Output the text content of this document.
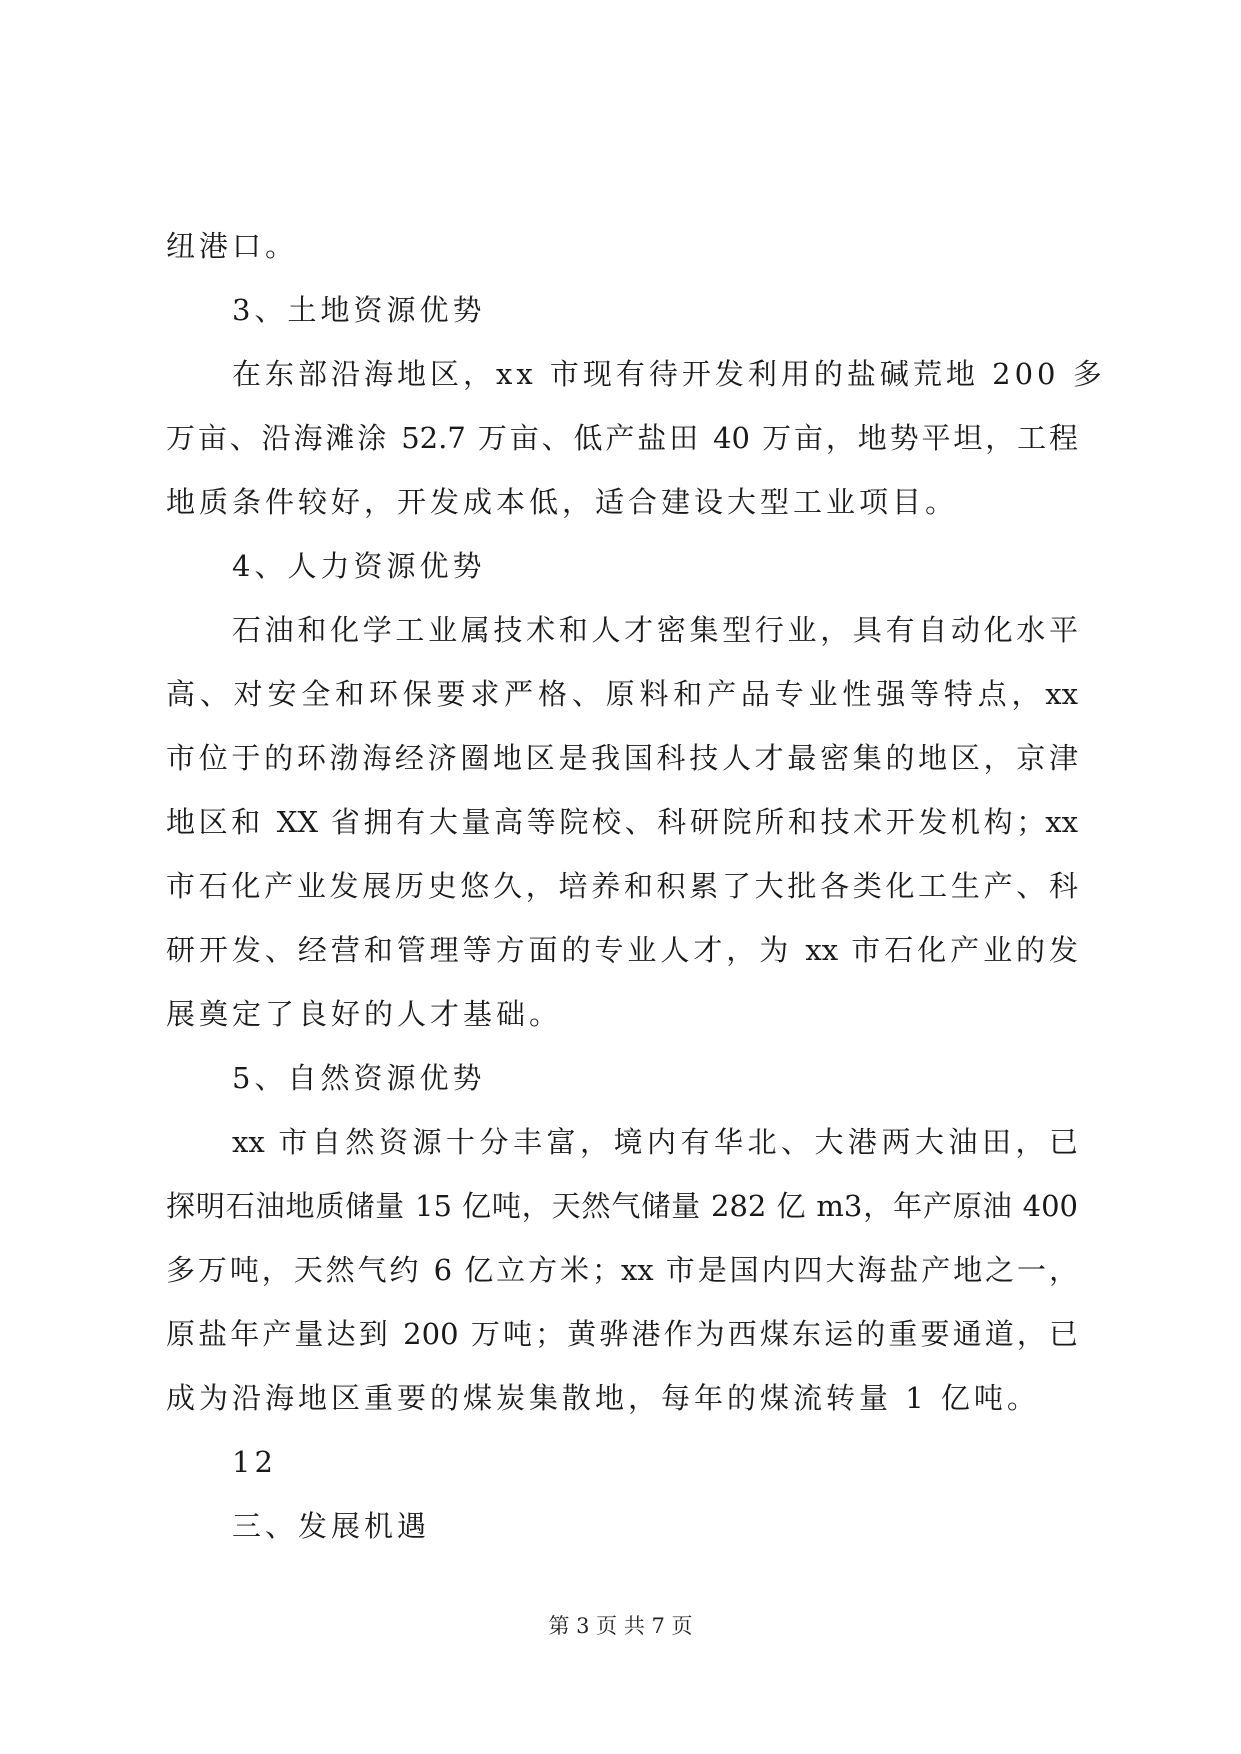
纽港口。
3、土地资源优势
在东部沿海地区，xx 市现有待开发利用的盐碱荒地 200 多
万亩、沿海滩涂 52.7 万亩、低产盐田 40 万亩，地势平坦，工程
地质条件较好，开发成本低，适合建设大型工业项目。
4、人力资源优势
石油和化学工业属技术和人才密集型行业，具有自动化水平
高、对安全和环保要求严格、原料和产品专业性强等特点，xx
市位于的环渤海经济圈地区是我国科技人才最密集的地区，京津
地区和 XX 省拥有大量高等院校、科研院所和技术开发机构；xx
市石化产业发展历史悠久，培养和积累了大批各类化工生产、科
研开发、经营和管理等方面的专业人才，为 xx 市石化产业的发
展奠定了良好的人才基础。
5、自然资源优势
xx 市自然资源十分丰富，境内有华北、大港两大油田，已
探明石油地质储量 15 亿吨，天然气储量 282 亿 m3，年产原油 400
多万吨，天然气约 6 亿立方米；xx 市是国内四大海盐产地之一，
原盐年产量达到 200 万吨；黄骅港作为西煤东运的重要通道，已
成为沿海地区重要的煤炭集散地，每年的煤流转量 1 亿吨。
12
三、发展机遇
第 3 页 共 7 页
